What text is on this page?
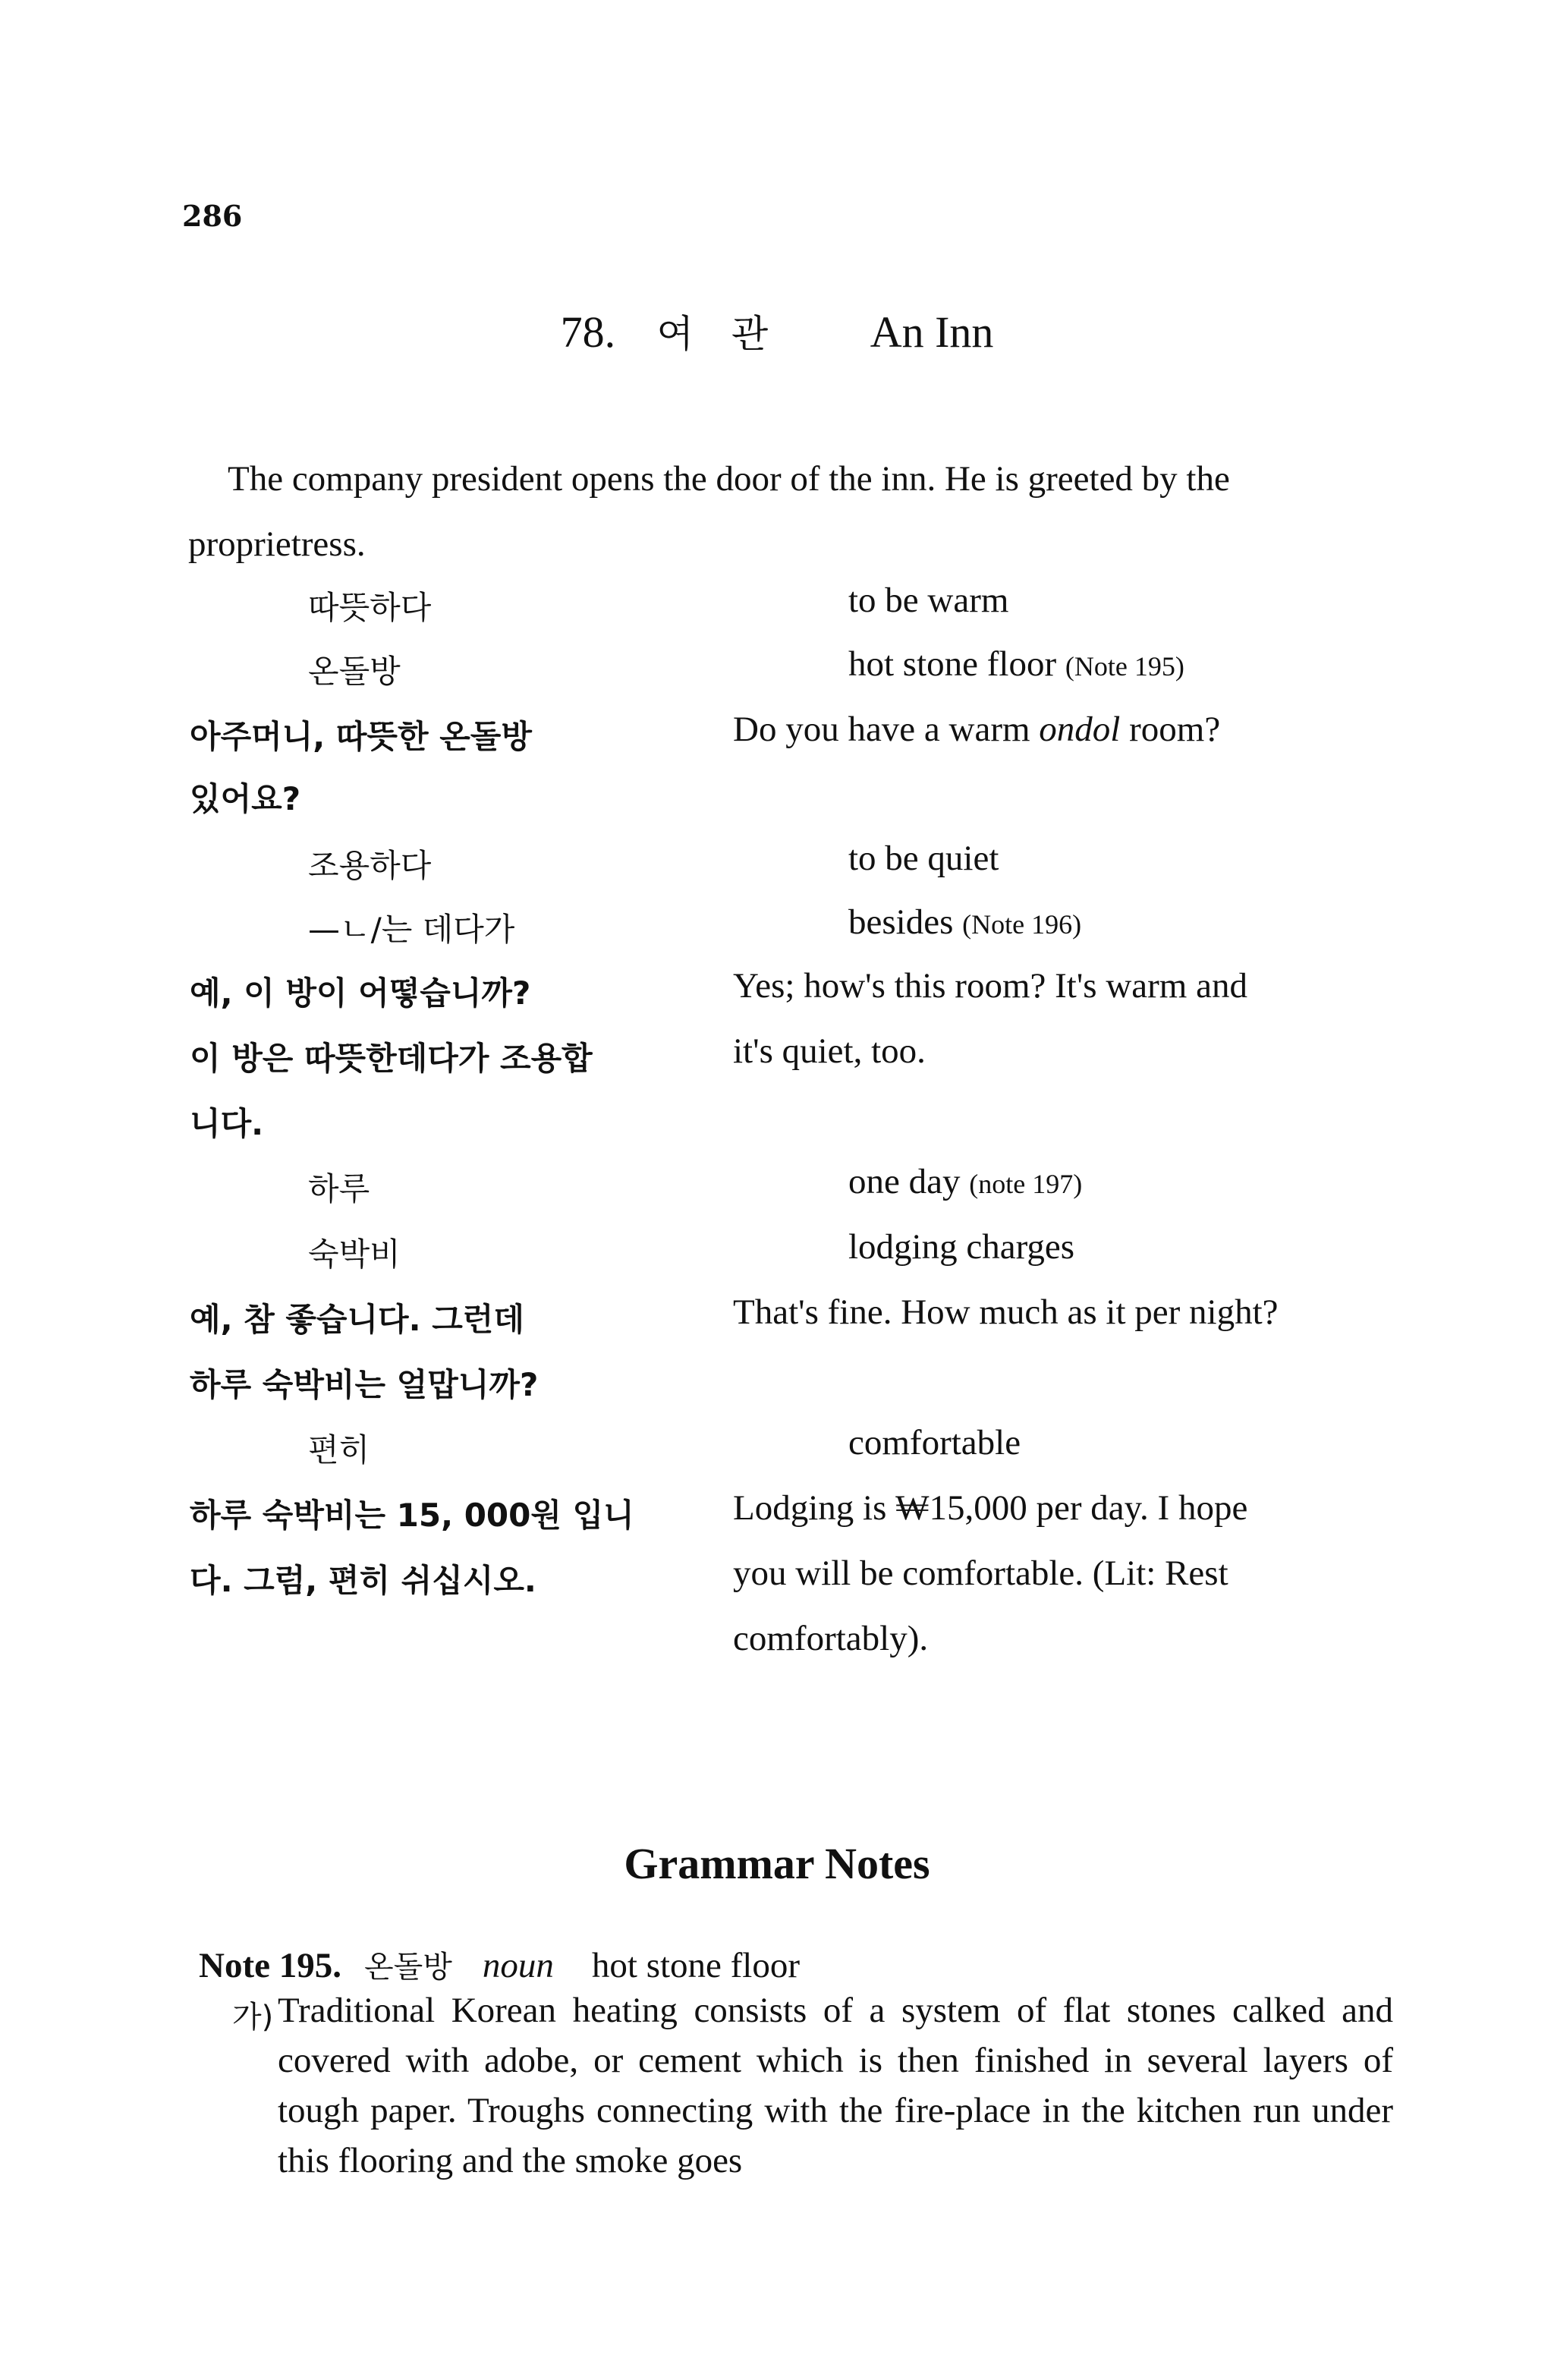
286
78. 여 관 An Inn
The company president opens the door of the inn. He is greeted by the proprietress.
따뜻하다	to be warm
온돌방	hot stone floor (Note 195)
아주머니, 따뜻한 온돌방
있어요?
Do you have a warm ondol room?
조용하다	to be quiet
—ㄴ/는 데다가	besides (Note 196)
예, 이 방이 어떻습니까?
이 방은 따뜻한데다가 조용합
니다.
Yes; how's this room? It's warm and
it's quiet, too.
하루	one day (note 197)
숙박비	lodging charges
예, 참 좋습니다. 그런데
하루 숙박비는 얼맙니까?
That's fine. How much as it per night?
편히	comfortable
하루 숙박비는 15, 000원 입니
다. 그럼, 편히 쉬십시오.
Lodging is ₩15,000 per day. I hope
you will be comfortable. (Lit: Rest
comfortably).
Grammar Notes
Note 195. 온돌방 noun hot stone floor
가) Traditional Korean heating consists of a system of flat stones calked and covered with adobe, or cement which is then finished in several layers of tough paper. Troughs connecting with the fire-place in the kitchen run under this flooring and the smoke goes
